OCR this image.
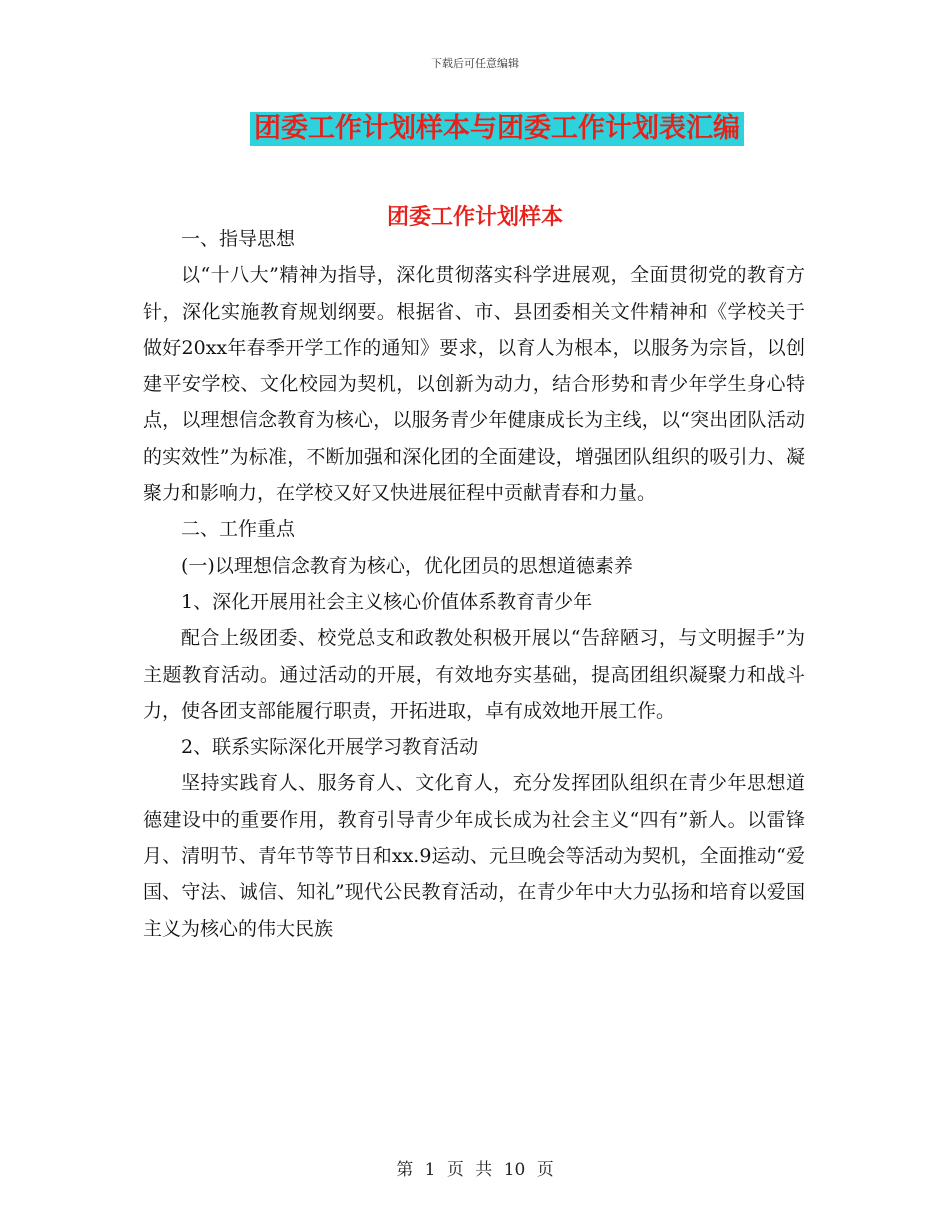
下载后可任意编辑
团委工作计划样本与团委工作计划表汇编
团委工作计划样本

一、指导思想

以“十八大”精神为指导，深化贯彻落实科学进展观，全面贯彻党的教育方针，深化实施教育规划纲要。根据省、市、县团委相关文件精神和《学校关于做好20xx年春季开学工作的通知》要求，以育人为根本，以服务为宗旨，以创建平安学校、文化校园为契机，以创新为动力，结合形势和青少年学生身心特点，以理想信念教育为核心，以服务青少年健康成长为主线，以“突出团队活动的实效性”为标准，不断加强和深化团的全面建设，增强团队组织的吸引力、凝聚力和影响力，在学校又好又快进展征程中贡献青春和力量。

二、工作重点

(一)以理想信念教育为核心，优化团员的思想道德素养

1、深化开展用社会主义核心价值体系教育青少年

配合上级团委、校党总支和政教处积极开展以“告辞陋习，与文明握手”为主题教育活动。通过活动的开展，有效地夯实基础，提高团组织凝聚力和战斗力，使各团支部能履行职责，开拓进取，卓有成效地开展工作。

2、联系实际深化开展学习教育活动

坚持实践育人、服务育人、文化育人，充分发挥团队组织在青少年思想道德建设中的重要作用，教育引导青少年成长成为社会主义“四有”新人。以雷锋月、清明节、青年节等节日和xx.9运动、元旦晚会等活动为契机，全面推动“爱国、守法、诚信、知礼”现代公民教育活动，在青少年中大力弘扬和培育以爱国主义为核心的伟大民族

第 1 页 共 10 页
